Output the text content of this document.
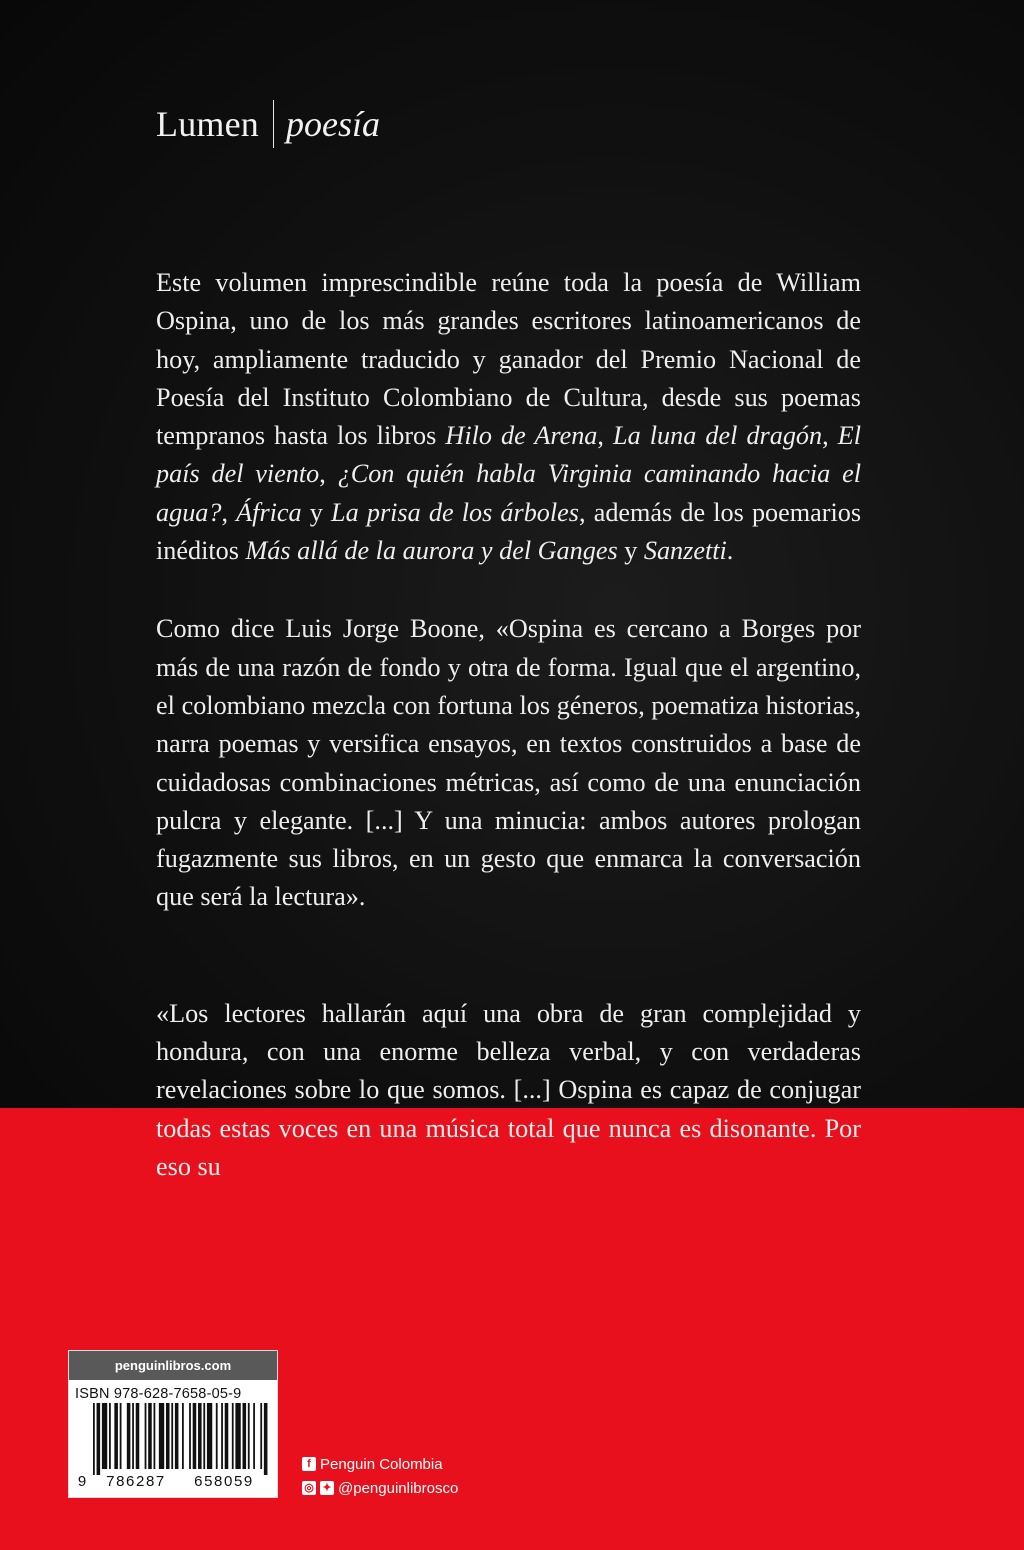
Lumen poesía

Este volumen imprescindible reúne toda la poesía de William Ospina, uno de los más grandes escritores latinoamericanos de hoy, ampliamente traducido y ganador del Premio Nacional de Poesía del Instituto Colombiano de Cultura, desde sus poemas tempranos hasta los libros Hilo de Arena, La luna del dragón, El país del viento, ¿Con quién habla Virginia caminando hacia el agua?, África y La prisa de los árboles, además de los poemarios inéditos Más allá de la aurora y del Ganges y Sanzetti.

Como dice Luis Jorge Boone, «Ospina es cercano a Borges por más de una razón de fondo y otra de forma. Igual que el argentino, el colombiano mezcla con fortuna los géneros, poematiza historias, narra poemas y versifica ensayos, en textos construidos a base de cuidadosas combinaciones métricas, así como de una enunciación pulcra y elegante. [...] Y una minucia: ambos autores prologan fugazmente sus libros, en un gesto que enmarca la conversación que será la lectura».

«Los lectores hallarán aquí una obra de gran complejidad y hondura, con una enorme belleza verbal, y con verdaderas revelaciones sobre lo que somos. [...] Ospina es capaz de conjugar todas estas voces en una música total que nunca es disonante. Por eso su

penguinlibros.com
ISBN 978-628-7658-05-9
9	786287	658059
f Penguin Colombia
◎ ✦ @penguinlibrosco
